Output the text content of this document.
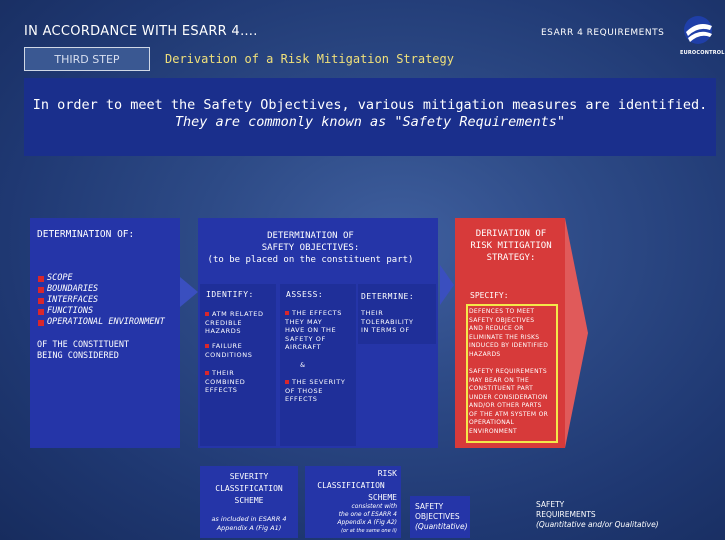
IN ACCORDANCE WITH ESARR 4….	ESARR 4 REQUIREMENTS
EUROCONTROL
THIRD STEP	Derivation of a Risk Mitigation Strategy
In order to meet the Safety Objectives, various mitigation measures are identified.
They are commonly known as "Safety Requirements"
DETERMINATION OF:
SCOPE
BOUNDARIES
INTERFACES
FUNCTIONS
OPERATIONAL ENVIRONMENT
OF THE CONSTITUENT
BEING CONSIDERED
DETERMINATION OF
SAFETY OBJECTIVES:
(to be placed on the constituent part)
IDENTIFY:	ASSESS:	DETERMINE:
ATM RELATED
CREDIBLE
HAZARDS
FAILURE
CONDITIONS
THEIR
COMBINED
EFFECTS
THE EFFECTS
THEY MAY
HAVE ON THE
SAFETY OF
AIRCRAFT
&
THE SEVERITY
OF THOSE
EFFECTS
THEIR
TOLERABILITY
IN TERMS OF
DERIVATION OF
RISK MITIGATION
STRATEGY:
SPECIFY:
DEFENCES TO MEET
SAFETY OBJECTIVES
AND REDUCE OR
ELIMINATE THE RISKS
INDUCED BY IDENTIFIED
HAZARDS
SAFETY REQUIREMENTS
MAY BEAR ON THE
CONSTITUENT PART
UNDER CONSIDERATION
AND/OR OTHER PARTS
OF THE ATM SYSTEM OR
OPERATIONAL
ENVIRONMENT
SEVERITY
CLASSIFICATION
SCHEME
as included in ESARR 4
Appendix A (Fig A1)
RISK
CLASSIFICATION
SCHEME
consistent with
the one of ESARR 4
Appendix A (Fig A2)
(or at the same one ii)
SAFETY
OBJECTIVES
(Quantitative)
SAFETY
REQUIREMENTS
(Quantitative and/or Qualitative)
